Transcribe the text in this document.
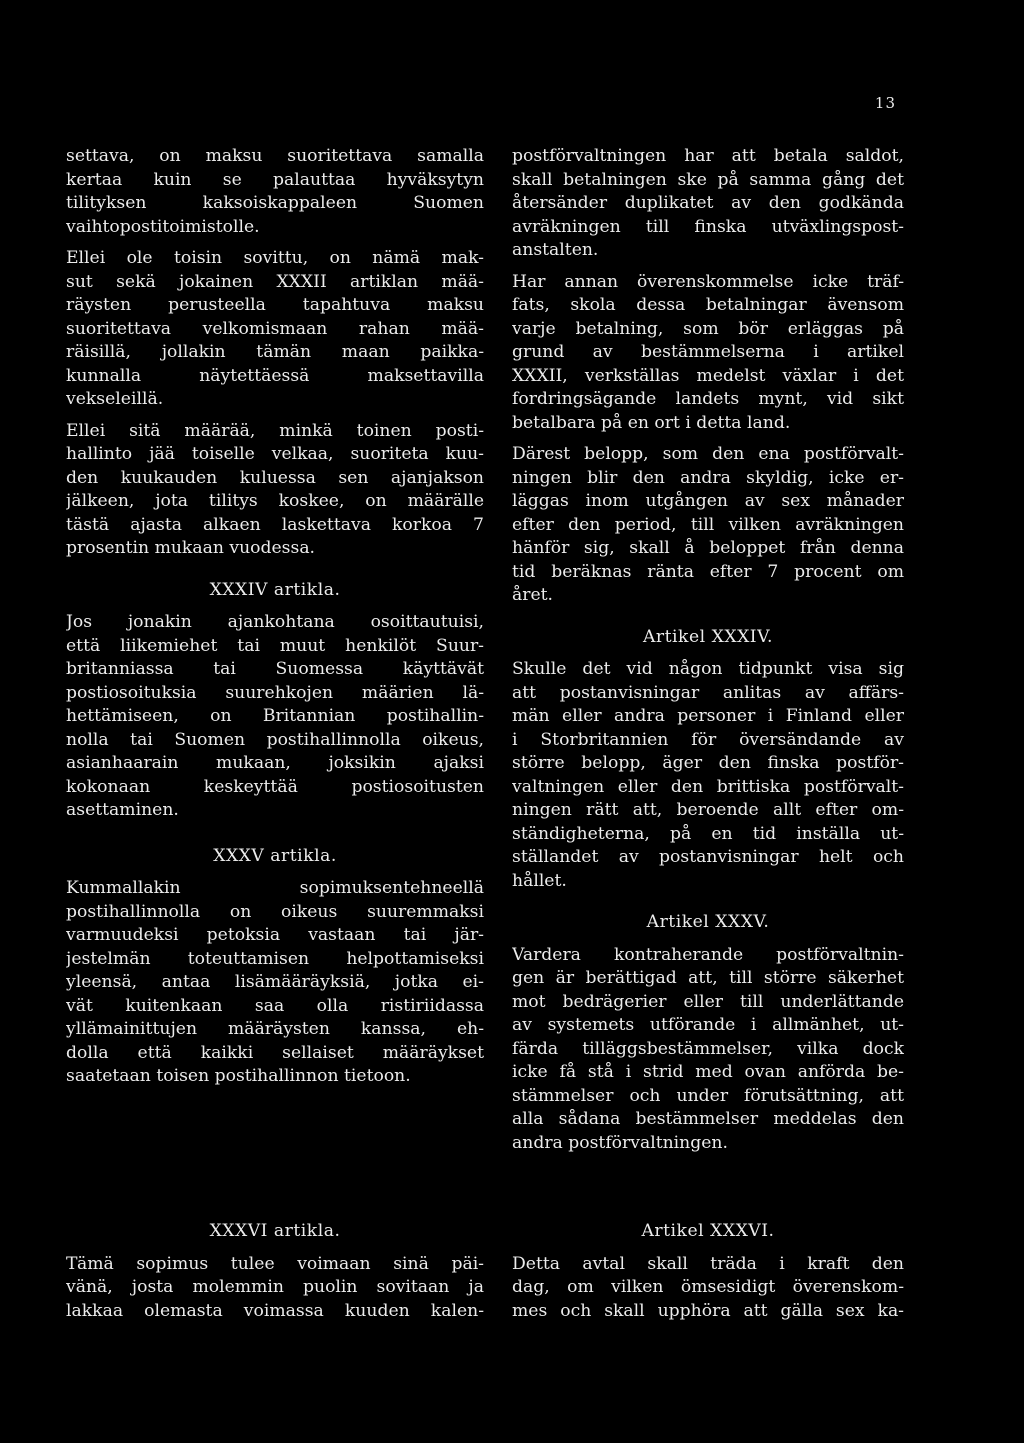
13
settava, on maksu suoritettava samalla
kertaa kuin se palauttaa hyväksytyn
tilityksen kaksoiskappaleen Suomen
vaihtopostitoimistolle.
Ellei ole toisin sovittu, on nämä mak-
sut sekä jokainen XXXII artiklan mää-
räysten perusteella tapahtuva maksu
suoritettava velkomismaan rahan mää-
räisillä, jollakin tämän maan paikka-
kunnalla näytettäessä maksettavilla
vekseleillä.
Ellei sitä määrää, minkä toinen posti-
hallinto jää toiselle velkaa, suoriteta kuu-
den kuukauden kuluessa sen ajanjakson
jälkeen, jota tilitys koskee, on määrälle
tästä ajasta alkaen laskettava korkoa 7
prosentin mukaan vuodessa.
XXXIV artikla.
Jos jonakin ajankohtana osoittautuisi,
että liikemiehet tai muut henkilöt Suur-
britanniassa tai Suomessa käyttävät
postiosoituksia suurehkojen määrien lä-
hettämiseen, on Britannian postihallin-
nolla tai Suomen postihallinnolla oikeus,
asianhaarain mukaan, joksikin ajaksi
kokonaan keskeyttää postiosoitusten
asettaminen.
XXXV artikla.
Kummallakin sopimuksentehneellä
postihallinnolla on oikeus suuremmaksi
varmuudeksi petoksia vastaan tai jär-
jestelmän toteuttamisen helpottamiseksi
yleensä, antaa lisämääräyksiä, jotka ei-
vät kuitenkaan saa olla ristiriidassa
yllämainittujen määräysten kanssa, eh-
dolla että kaikki sellaiset määräykset
saatetaan toisen postihallinnon tietoon.
postförvaltningen har att betala saldot,
skall betalningen ske på samma gång det
återsänder duplikatet av den godkända
avräkningen till finska utväxlingspost-
anstalten.
Har annan överenskommelse icke träf-
fats, skola dessa betalningar ävensom
varje betalning, som bör erläggas på
grund av bestämmelserna i artikel
XXXII, verkställas medelst växlar i det
fordringsägande landets mynt, vid sikt
betalbara på en ort i detta land.
Därest belopp, som den ena postförvalt-
ningen blir den andra skyldig, icke er-
läggas inom utgången av sex månader
efter den period, till vilken avräkningen
hänför sig, skall å beloppet från denna
tid beräknas ränta efter 7 procent om
året.
Artikel XXXIV.
Skulle det vid någon tidpunkt visa sig
att postanvisningar anlitas av affärs-
män eller andra personer i Finland eller
i Storbritannien för översändande av
större belopp, äger den finska postför-
valtningen eller den brittiska postförvalt-
ningen rätt att, beroende allt efter om-
ständigheterna, på en tid inställa ut-
ställandet av postanvisningar helt och
hållet.
Artikel XXXV.
Vardera kontraherande postförvaltnin-
gen är berättigad att, till större säkerhet
mot bedrägerier eller till underlättande
av systemets utförande i allmänhet, ut-
färda tilläggsbestämmelser, vilka dock
icke få stå i strid med ovan anförda be-
stämmelser och under förutsättning, att
alla sådana bestämmelser meddelas den
andra postförvaltningen.
XXXVI artikla.
Tämä sopimus tulee voimaan sinä päi-
vänä, josta molemmin puolin sovitaan ja
lakkaa olemasta voimassa kuuden kalen-
Artikel XXXVI.
Detta avtal skall träda i kraft den
dag, om vilken ömsesidigt överenskom-
mes och skall upphöra att gälla sex ka-
